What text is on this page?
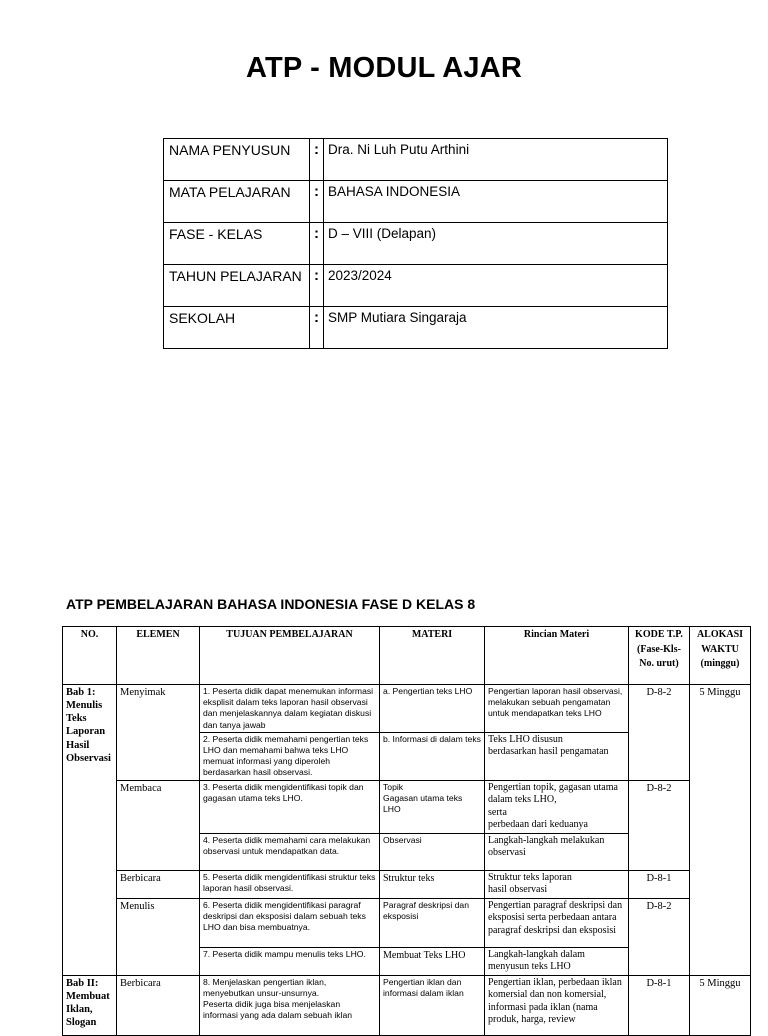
ATP - MODUL AJAR
NAMA PENYUSUN	:	Dra. Ni Luh Putu Arthini
MATA PELAJARAN	:	BAHASA INDONESIA
FASE - KELAS	:	D – VIII (Delapan)
TAHUN PELAJARAN	:	2023/2024
SEKOLAH	:	SMP Mutiara Singaraja
ATP PEMBELAJARAN BAHASA INDONESIA FASE D KELAS 8
NO.	ELEMEN	TUJUAN PEMBELAJARAN	MATERI	Rincian Materi	KODE T.P. (Fase-Kls- No. urut)	ALOKASI WAKTU (minggu)
Bab 1: Menulis Teks Laporan Hasil Observasi	Menyimak	1. Peserta didik dapat menemukan informasi eksplisit dalam teks laporan hasil observasi dan menjelaskannya dalam kegiatan diskusi dan tanya jawab	a. Pengertian teks LHO	Pengertian laporan hasil observasi, melakukan sebuah pengamatan untuk mendapatkan teks LHO	D-8-2	5 Minggu
		2. Peserta didik memahami pengertian teks LHO dan memahami bahwa teks LHO memuat informasi yang diperoleh berdasarkan hasil observasi.	b. Informasi di dalam teks	Teks LHO disusun
berdasarkan hasil pengamatan		
	Membaca	3. Peserta didik mengidentifikasi topik dan gagasan utama teks LHO.	Topik
Gagasan utama teks LHO	Pengertian topik, gagasan utama dalam teks LHO,
serta
perbedaan dari keduanya	D-8-2	
		4. Peserta didik memahami cara melakukan observasi untuk mendapatkan data.	Observasi	Langkah-langkah melakukan observasi		
	Berbicara	5. Peserta didik mengidentifikasi struktur teks laporan hasil observasi.	Struktur teks	Struktur teks laporan
hasil observasi	D-8-1	
	Menulis	6. Peserta didik mengidentifikasi paragraf deskripsi dan eksposisi dalam sebuah teks LHO dan bisa membuatnya.	Paragraf deskripsi dan eksposisi	Pengertian paragraf deskripsi dan eksposisi serta perbedaan antara paragraf deskripsi dan eksposisi	D-8-2	
		7. Peserta didik mampu menulis teks LHO.	Membuat Teks LHO	Langkah-langkah dalam
menyusun teks LHO		
Bab II: Membuat Iklan, Slogan	Berbicara	8. Menjelaskan pengertian iklan, menyebutkan unsur-unsurnya.
Peserta didik juga bisa menjelaskan informasi yang ada dalam sebuah iklan	Pengertian iklan dan informasi dalam iklan	Pengertian iklan, perbedaan iklan komersial dan non komersial, informasi pada iklan (nama produk, harga, review	D-8-1	5 Minggu
